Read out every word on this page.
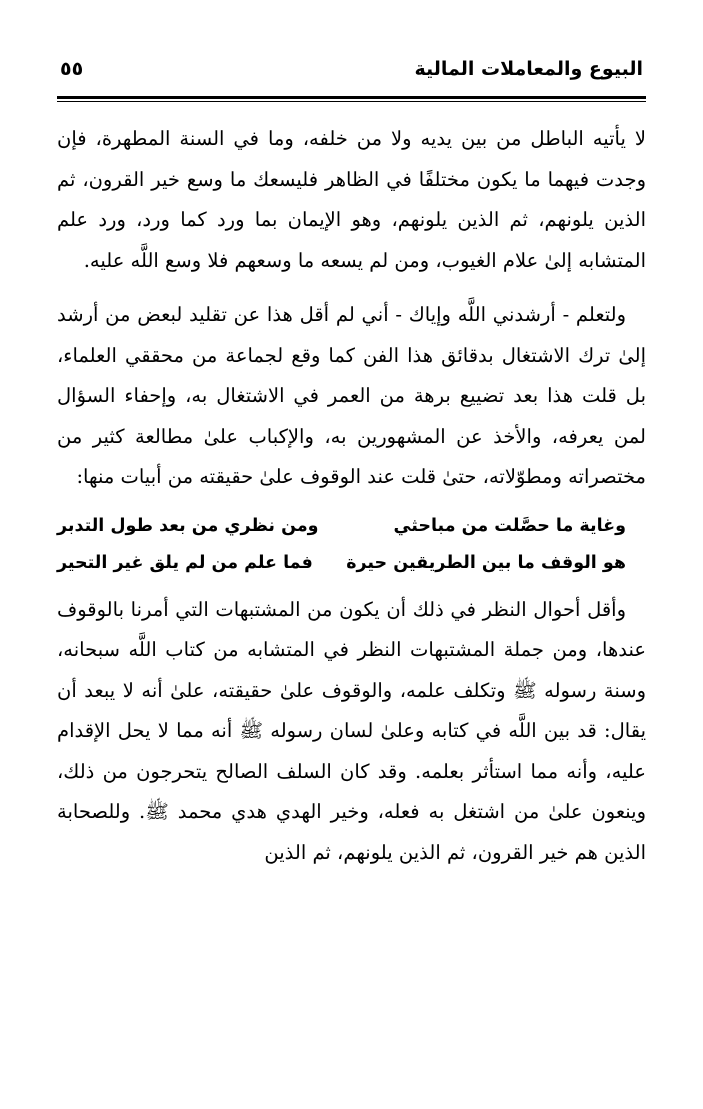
البيوع والمعاملات المالية
٥٥

لا يأتيه الباطل من بين يديه ولا من خلفه، وما في السنة المطهرة، فإن وجدت فيهما ما يكون مختلفًا في الظاهر فليسعك ما وسع خير القرون، ثم الذين يلونهم، ثم الذين يلونهم، وهو الإيمان بما ورد كما ورد، ورد علم المتشابه إلىٰ علام الغيوب، ومن لم يسعه ما وسعهم فلا وسع اللَّه عليه.

ولتعلم - أرشدني اللَّه وإياك - أني لم أقل هذا عن تقليد لبعض من أرشد إلىٰ ترك الاشتغال بدقائق هذا الفن كما وقع لجماعة من محققي العلماء، بل قلت هذا بعد تضييع برهة من العمر في الاشتغال به، وإحفاء السؤال لمن يعرفه، والأخذ عن المشهورين به، والإكباب علىٰ مطالعة كثير من مختصراته ومطوّلاته، حتىٰ قلت عند الوقوف علىٰ حقيقته من أبيات منها:

وغاية ما حصَّلت من مباحثي
ومن نظري من بعد طول التدبر
هو الوقف ما بين الطريقين حيرة
فما علم من لم يلق غير التحير

وأقل أحوال النظر في ذلك أن يكون من المشتبهات التي أمرنا بالوقوف عندها، ومن جملة المشتبهات النظر في المتشابه من كتاب اللَّه سبحانه، وسنة رسوله ﷺ وتكلف علمه، والوقوف علىٰ حقيقته، علىٰ أنه لا يبعد أن يقال: قد بين اللَّه في كتابه وعلىٰ لسان رسوله ﷺ أنه مما لا يحل الإقدام عليه، وأنه مما استأثر بعلمه. وقد كان السلف الصالح يتحرجون من ذلك، وينعون علىٰ من اشتغل به فعله، وخير الهدي هدي محمد ﷺ. وللصحابة الذين هم خير القرون، ثم الذين يلونهم، ثم الذين
